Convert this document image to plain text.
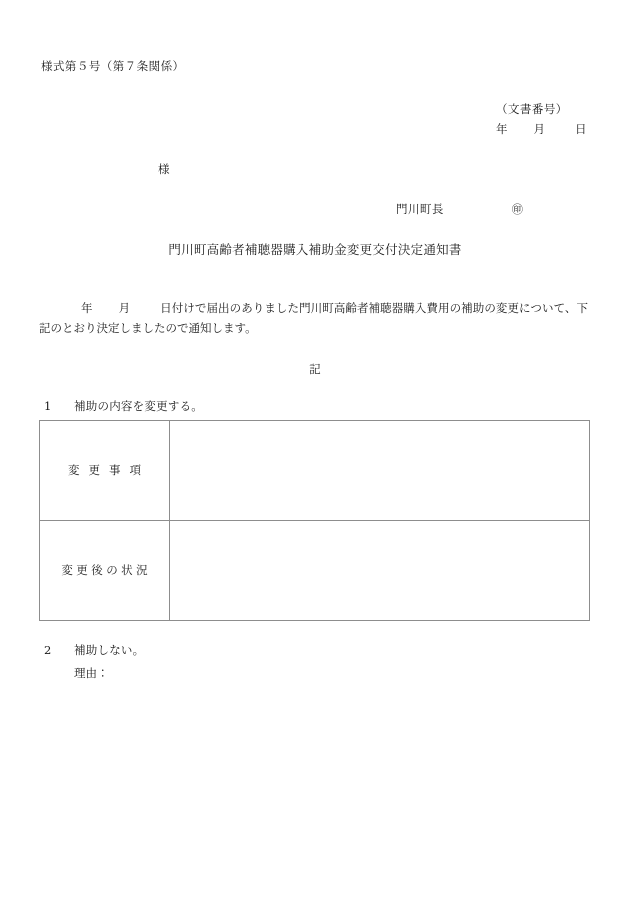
様式第５号（第７条関係）
（文書番号）
年 月	日
様
門川町長	㊞
門川町高齢者補聴器購入補助金変更交付決定通知書
年 月	日付けで届出のありました門川町高齢者補聴器購入費用の補助の変更について、下記のとおり決定しましたので通知します。
記
1 補助の内容を変更する。
変更事項	
変更後の状況	
2 補助しない。
理由：
